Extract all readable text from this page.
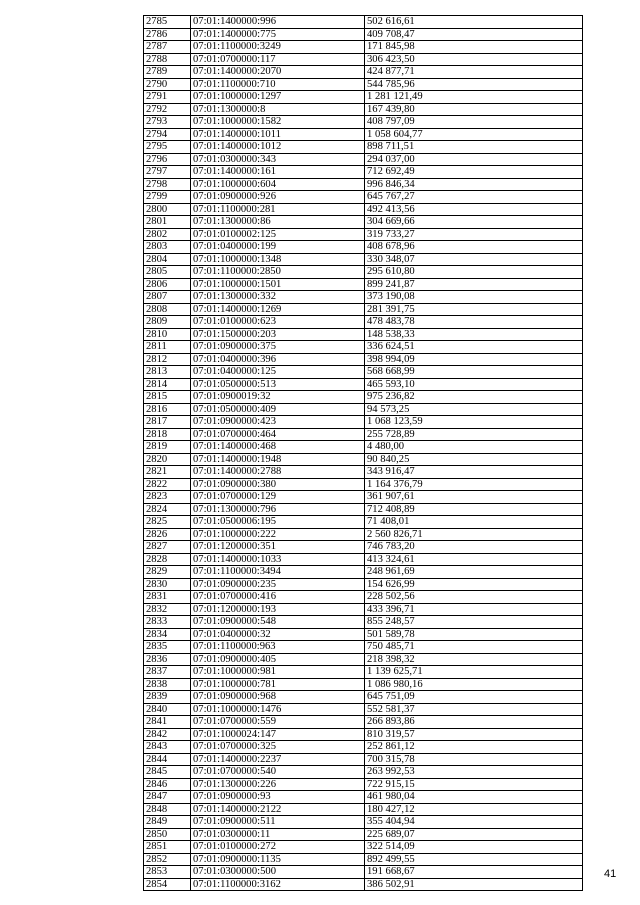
2785	07:01:1400000:996	502 616,61
2786	07:01:1400000:775	409 708,47
2787	07:01:1100000:3249	171 845,98
2788	07:01:0700000:117	306 423,50
2789	07:01:1400000:2070	424 877,71
2790	07:01:1100000:710	544 785,96
2791	07:01:1000000:1297	1 281 121,49
2792	07:01:1300000:8	167 439,80
2793	07:01:1000000:1582	408 797,09
2794	07:01:1400000:1011	1 058 604,77
2795	07:01:1400000:1012	898 711,51
2796	07:01:0300000:343	294 037,00
2797	07:01:1400000:161	712 692,49
2798	07:01:1000000:604	996 846,34
2799	07:01:0900000:926	645 767,27
2800	07:01:1100000:281	492 413,56
2801	07:01:1300000:86	304 669,66
2802	07:01:0100002:125	319 733,27
2803	07:01:0400000:199	408 678,96
2804	07:01:1000000:1348	330 348,07
2805	07:01:1100000:2850	295 610,80
2806	07:01:1000000:1501	899 241,87
2807	07:01:1300000:332	373 190,08
2808	07:01:1400000:1269	281 391,75
2809	07:01:0100000:623	478 483,78
2810	07:01:1500000:203	148 538,33
2811	07:01:0900000:375	336 624,51
2812	07:01:0400000:396	398 994,09
2813	07:01:0400000:125	568 668,99
2814	07:01:0500000:513	465 593,10
2815	07:01:0900019:32	975 236,82
2816	07:01:0500000:409	94 573,25
2817	07:01:0900000:423	1 068 123,59
2818	07:01:0700000:464	255 728,89
2819	07:01:1400000:468	4 480,00
2820	07:01:1400000:1948	90 840,25
2821	07:01:1400000:2788	343 916,47
2822	07:01:0900000:380	1 164 376,79
2823	07:01:0700000:129	361 907,61
2824	07:01:1300000:796	712 408,89
2825	07:01:0500006:195	71 408,01
2826	07:01:1000000:222	2 560 826,71
2827	07:01:1200000:351	746 783,20
2828	07:01:1400000:1033	413 324,61
2829	07:01:1100000:3494	248 961,69
2830	07:01:0900000:235	154 626,99
2831	07:01:0700000:416	228 502,56
2832	07:01:1200000:193	433 396,71
2833	07:01:0900000:548	855 248,57
2834	07:01:0400000:32	501 589,78
2835	07:01:1100000:963	750 485,71
2836	07:01:0900000:405	218 398,32
2837	07:01:1000000:981	1 139 625,71
2838	07:01:1000000:781	1 086 980,16
2839	07:01:0900000:968	645 751,09
2840	07:01:1000000:1476	552 581,37
2841	07:01:0700000:559	266 893,86
2842	07:01:1000024:147	810 319,57
2843	07:01:0700000:325	252 861,12
2844	07:01:1400000:2237	700 315,78
2845	07:01:0700000:540	263 992,53
2846	07:01:1300000:226	722 915,15
2847	07:01:0900000:93	461 980,04
2848	07:01:1400000:2122	180 427,12
2849	07:01:0900000:511	355 404,94
2850	07:01:0300000:11	225 689,07
2851	07:01:0100000:272	322 514,09
2852	07:01:0900000:1135	892 499,55
2853	07:01:0300000:500	191 668,67
2854	07:01:1100000:3162	386 502,91
41
